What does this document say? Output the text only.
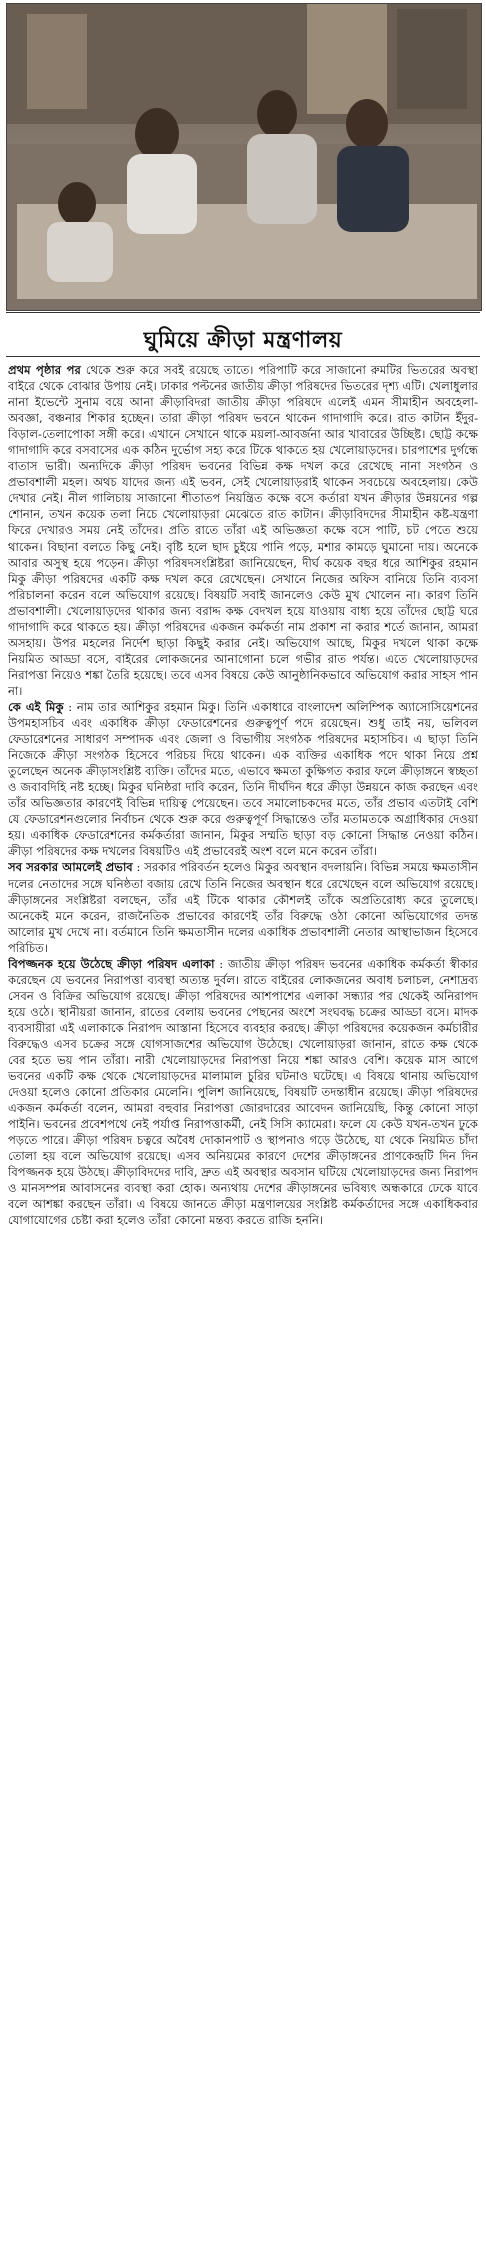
ঘুমিয়ে ক্রীড়া মন্ত্রণালয়

প্রথম পৃষ্ঠার পর থেকে শুরু করে সবই রয়েছে তাতে। পরিপাটি করে সাজানো রুমটির ভিতরের অবস্থা বাইরে থেকে বোঝার উপায় নেই। ঢাকার পল্টনের জাতীয় ক্রীড়া পরিষদের ভিতরের দৃশ্য এটি। খেলাধুলার নানা ইভেন্টে সুনাম বয়ে আনা ক্রীড়াবিদরা জাতীয় ক্রীড়া পরিষদে এলেই এমন সীমাহীন অবহেলা-অবজ্ঞা, বঞ্চনার শিকার হচ্ছেন। তারা ক্রীড়া পরিষদ ভবনে থাকেন গাদাগাদি করে। রাত কাটান ইঁদুর-বিড়াল-তেলাপোকা সঙ্গী করে। এখানে সেখানে থাকে ময়লা-আবর্জনা আর খাবারের উচ্ছিষ্ট। ছোট্ট কক্ষে গাদাগাদি করে বসবাসের এক কঠিন দুর্ভোগ সহ্য করে টিকে থাকতে হয় খেলোয়াড়দের। চারপাশের দুর্গন্ধে বাতাস ভারী। অন্যদিকে ক্রীড়া পরিষদ ভবনের বিভিন্ন কক্ষ দখল করে রেখেছে নানা সংগঠন ও প্রভাবশালী মহল। অথচ যাদের জন্য এই ভবন, সেই খেলোয়াড়রাই থাকেন সবচেয়ে অবহেলায়। কেউ দেখার নেই। নীল গালিচায় সাজানো শীতাতপ নিয়ন্ত্রিত কক্ষে বসে কর্তারা যখন ক্রীড়ার উন্নয়নের গল্প শোনান, তখন কয়েক তলা নিচে খেলোয়াড়রা মেঝেতে রাত কাটান। ক্রীড়াবিদদের সীমাহীন কষ্ট-যন্ত্রণা ফিরে দেখারও সময় নেই তাঁদের। প্রতি রাতে তাঁরা এই অভিজ্ঞতা কক্ষে বসে পাটি, চট পেতে শুয়ে থাকেন। বিছানা বলতে কিছু নেই। বৃষ্টি হলে ছাদ চুইয়ে পানি পড়ে, মশার কামড়ে ঘুমানো দায়। অনেকে আবার অসুস্থ হয়ে পড়েন। ক্রীড়া পরিষদসংশ্লিষ্টরা জানিয়েছেন, দীর্ঘ কয়েক বছর ধরে আশিকুর রহমান মিকু ক্রীড়া পরিষদের একটি কক্ষ দখল করে রেখেছেন। সেখানে নিজের অফিস বানিয়ে তিনি ব্যবসা পরিচালনা করেন বলে অভিযোগ রয়েছে। বিষয়টি সবাই জানলেও কেউ মুখ খোলেন না। কারণ তিনি প্রভাবশালী। খেলোয়াড়দের থাকার জন্য বরাদ্দ কক্ষ বেদখল হয়ে যাওয়ায় বাধ্য হয়ে তাঁদের ছোট্ট ঘরে গাদাগাদি করে থাকতে হয়। ক্রীড়া পরিষদের একজন কর্মকর্তা নাম প্রকাশ না করার শর্তে জানান, আমরা অসহায়। উপর মহলের নির্দেশ ছাড়া কিছুই করার নেই। অভিযোগ আছে, মিকুর দখলে থাকা কক্ষে নিয়মিত আড্ডা বসে, বাইরের লোকজনের আনাগোনা চলে গভীর রাত পর্যন্ত। এতে খেলোয়াড়দের নিরাপত্তা নিয়েও শঙ্কা তৈরি হয়েছে। তবে এসব বিষয়ে কেউ আনুষ্ঠানিকভাবে অভিযোগ করার সাহস পান না।

কে এই মিকু : নাম তার আশিকুর রহমান মিকু। তিনি একাধারে বাংলাদেশ অলিম্পিক অ্যাসোসিয়েশনের উপমহাসচিব এবং একাধিক ক্রীড়া ফেডারেশনের গুরুত্বপূর্ণ পদে রয়েছেন। শুধু তাই নয়, ভলিবল ফেডারেশনের সাধারণ সম্পাদক এবং জেলা ও বিভাগীয় সংগঠক পরিষদের মহাসচিব। এ ছাড়া তিনি নিজেকে ক্রীড়া সংগঠক হিসেবে পরিচয় দিয়ে থাকেন। এক ব্যক্তির একাধিক পদে থাকা নিয়ে প্রশ্ন তুলেছেন অনেক ক্রীড়াসংশ্লিষ্ট ব্যক্তি। তাঁদের মতে, এভাবে ক্ষমতা কুক্ষিগত করার ফলে ক্রীড়াঙ্গনে স্বচ্ছতা ও জবাবদিহি নষ্ট হচ্ছে। মিকুর ঘনিষ্ঠরা দাবি করেন, তিনি দীর্ঘদিন ধরে ক্রীড়া উন্নয়নে কাজ করছেন এবং তাঁর অভিজ্ঞতার কারণেই বিভিন্ন দায়িত্ব পেয়েছেন। তবে সমালোচকদের মতে, তাঁর প্রভাব এতটাই বেশি যে ফেডারেশনগুলোর নির্বাচন থেকে শুরু করে গুরুত্বপূর্ণ সিদ্ধান্তেও তাঁর মতামতকে অগ্রাধিকার দেওয়া হয়। একাধিক ফেডারেশনের কর্মকর্তারা জানান, মিকুর সম্মতি ছাড়া বড় কোনো সিদ্ধান্ত নেওয়া কঠিন। ক্রীড়া পরিষদের কক্ষ দখলের বিষয়টিও এই প্রভাবেরই অংশ বলে মনে করেন তাঁরা।

সব সরকার আমলেই প্রভাব : সরকার পরিবর্তন হলেও মিকুর অবস্থান বদলায়নি। বিভিন্ন সময়ে ক্ষমতাসীন দলের নেতাদের সঙ্গে ঘনিষ্ঠতা বজায় রেখে তিনি নিজের অবস্থান ধরে রেখেছেন বলে অভিযোগ রয়েছে। ক্রীড়াঙ্গনের সংশ্লিষ্টরা বলছেন, তাঁর এই টিকে থাকার কৌশলই তাঁকে অপ্রতিরোধ্য করে তুলেছে। অনেকেই মনে করেন, রাজনৈতিক প্রভাবের কারণেই তাঁর বিরুদ্ধে ওঠা কোনো অভিযোগের তদন্ত আলোর মুখ দেখে না। বর্তমানে তিনি ক্ষমতাসীন দলের একাধিক প্রভাবশালী নেতার আস্থাভাজন হিসেবে পরিচিত।

বিপজ্জনক হয়ে উঠেছে ক্রীড়া পরিষদ এলাকা : জাতীয় ক্রীড়া পরিষদ ভবনের একাধিক কর্মকর্তা স্বীকার করেছেন যে ভবনের নিরাপত্তা ব্যবস্থা অত্যন্ত দুর্বল। রাতে বাইরের লোকজনের অবাধ চলাচল, নেশাদ্রব্য সেবন ও বিক্রির অভিযোগ রয়েছে। ক্রীড়া পরিষদের আশপাশের এলাকা সন্ধ্যার পর থেকেই অনিরাপদ হয়ে ওঠে। স্থানীয়রা জানান, রাতের বেলায় ভবনের পেছনের অংশে সংঘবদ্ধ চক্রের আড্ডা বসে। মাদক ব্যবসায়ীরা এই এলাকাকে নিরাপদ আস্তানা হিসেবে ব্যবহার করছে। ক্রীড়া পরিষদের কয়েকজন কর্মচারীর বিরুদ্ধেও এসব চক্রের সঙ্গে যোগসাজশের অভিযোগ উঠেছে। খেলোয়াড়রা জানান, রাতে কক্ষ থেকে বের হতে ভয় পান তাঁরা। নারী খেলোয়াড়দের নিরাপত্তা নিয়ে শঙ্কা আরও বেশি। কয়েক মাস আগে ভবনের একটি কক্ষ থেকে খেলোয়াড়দের মালামাল চুরির ঘটনাও ঘটেছে। এ বিষয়ে থানায় অভিযোগ দেওয়া হলেও কোনো প্রতিকার মেলেনি। পুলিশ জানিয়েছে, বিষয়টি তদন্তাধীন রয়েছে। ক্রীড়া পরিষদের একজন কর্মকর্তা বলেন, আমরা বহুবার নিরাপত্তা জোরদারের আবেদন জানিয়েছি, কিন্তু কোনো সাড়া পাইনি। ভবনের প্রবেশপথে নেই পর্যাপ্ত নিরাপত্তাকর্মী, নেই সিসি ক্যামেরা। ফলে যে কেউ যখন-তখন ঢুকে পড়তে পারে। ক্রীড়া পরিষদ চত্বরে অবৈধ দোকানপাট ও স্থাপনাও গড়ে উঠেছে, যা থেকে নিয়মিত চাঁদা তোলা হয় বলে অভিযোগ রয়েছে। এসব অনিয়মের কারণে দেশের ক্রীড়াঙ্গনের প্রাণকেন্দ্রটি দিন দিন বিপজ্জনক হয়ে উঠছে। ক্রীড়াবিদদের দাবি, দ্রুত এই অবস্থার অবসান ঘটিয়ে খেলোয়াড়দের জন্য নিরাপদ ও মানসম্পন্ন আবাসনের ব্যবস্থা করা হোক। অন্যথায় দেশের ক্রীড়াঙ্গনের ভবিষ্যৎ অন্ধকারে ঢেকে যাবে বলে আশঙ্কা করছেন তাঁরা। এ বিষয়ে জানতে ক্রীড়া মন্ত্রণালয়ের সংশ্লিষ্ট কর্মকর্তাদের সঙ্গে একাধিকবার যোগাযোগের চেষ্টা করা হলেও তাঁরা কোনো মন্তব্য করতে রাজি হননি।
